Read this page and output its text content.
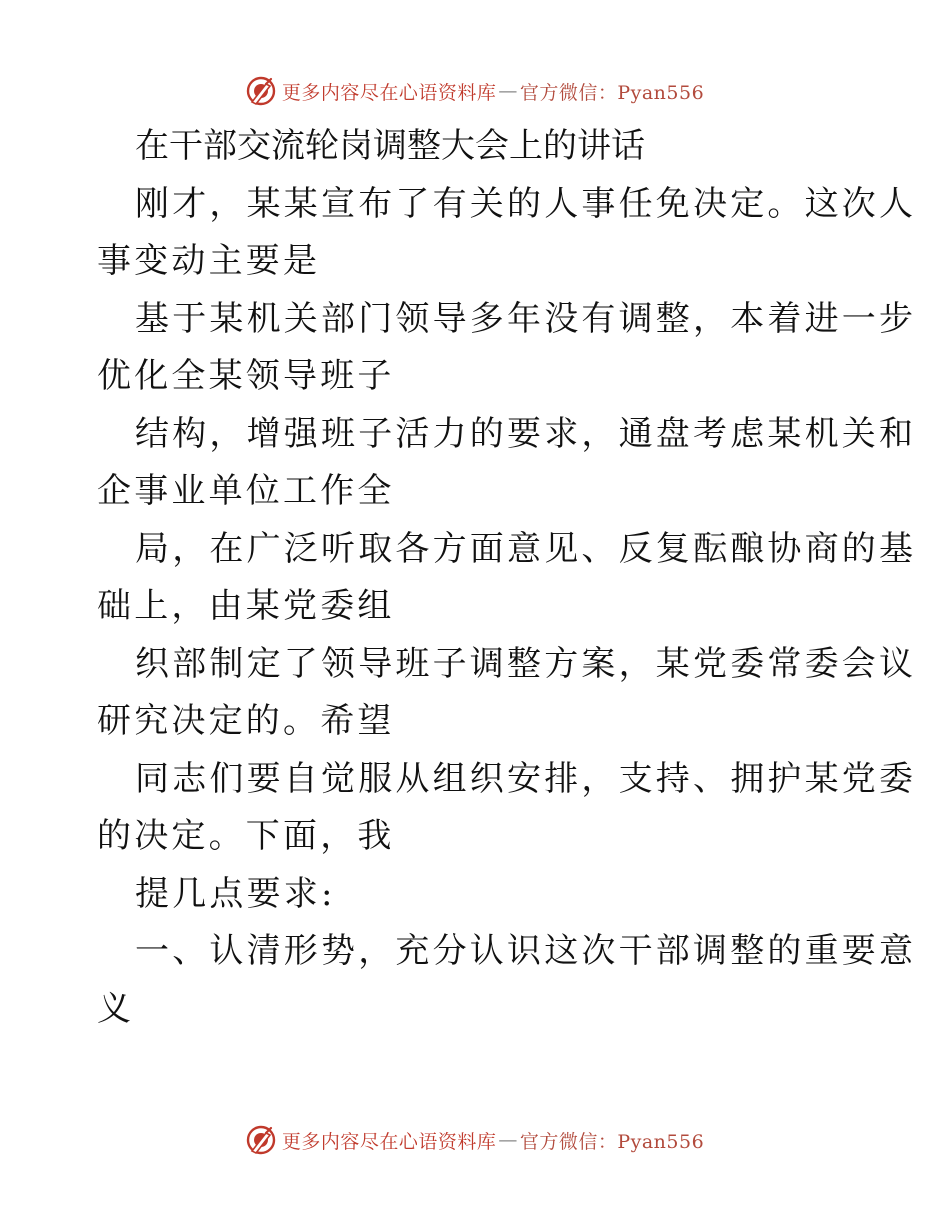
更多内容尽在心语资料库 — 官方微信：Pyan556
在干部交流轮岗调整大会上的讲话
刚才，某某宣布了有关的人事任免决定。这次人
事变动主要是
基于某机关部门领导多年没有调整，本着进一步
优化全某领导班子
结构，增强班子活力的要求，通盘考虑某机关和
企事业单位工作全
局，在广泛听取各方面意见、反复酝酿协商的基
础上，由某党委组
织部制定了领导班子调整方案，某党委常委会议
研究决定的。希望
同志们要自觉服从组织安排，支持、拥护某党委
的决定。下面，我
提几点要求:
一、认清形势，充分认识这次干部调整的重要意
义
更多内容尽在心语资料库 — 官方微信：Pyan556
